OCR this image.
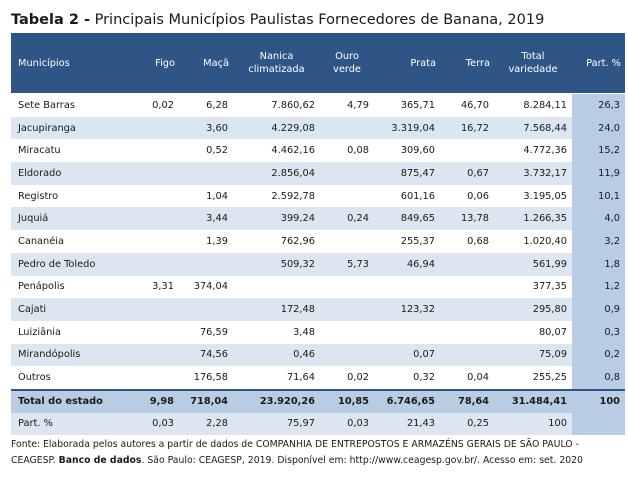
Tabela 2 - Principais Municípios Paulistas Fornecedores de Banana, 2019
Municípios	Figo	Maçã	Nanica climatizada	Ouro verde	Prata	Terra	Total variedade	Part. %
Sete Barras	0,02	6,28	7.860,62	4,79	365,71	46,70	8.284,11	26,3
Jacupiranga		3,60	4.229,08		3.319,04	16,72	7.568,44	24,0
Miracatu		0,52	4.462,16	0,08	309,60		4.772,36	15,2
Eldorado			2.856,04		875,47	0,67	3.732,17	11,9
Registro		1,04	2.592,78		601,16	0,06	3.195,05	10,1
Juquiá		3,44	399,24	0,24	849,65	13,78	1.266,35	4,0
Cananéia		1,39	762,96		255,37	0,68	1.020,40	3,2
Pedro de Toledo			509,32	5,73	46,94		561,99	1,8
Penápolis	3,31	374,04					377,35	1,2
Cajati			172,48		123,32		295,80	0,9
Luiziânia		76,59	3,48				80,07	0,3
Mirandópolis		74,56	0,46		0,07		75,09	0,2
Outros		176,58	71,64	0,02	0,32	0,04	255,25	0,8
Total do estado	9,98	718,04	23.920,26	10,85	6.746,65	78,64	31.484,41	100
Part. %	0,03	2,28	75,97	0,03	21,43	0,25	100	
Fonte: Elaborada pelos autores a partir de dados de COMPANHIA DE ENTREPOSTOS E ARMAZÉNS GERAIS DE SÃO PAULO - CEAGESP. Banco de dados. São Paulo: CEAGESP, 2019. Disponível em: http://www.ceagesp.gov.br/. Acesso em: set. 2020
